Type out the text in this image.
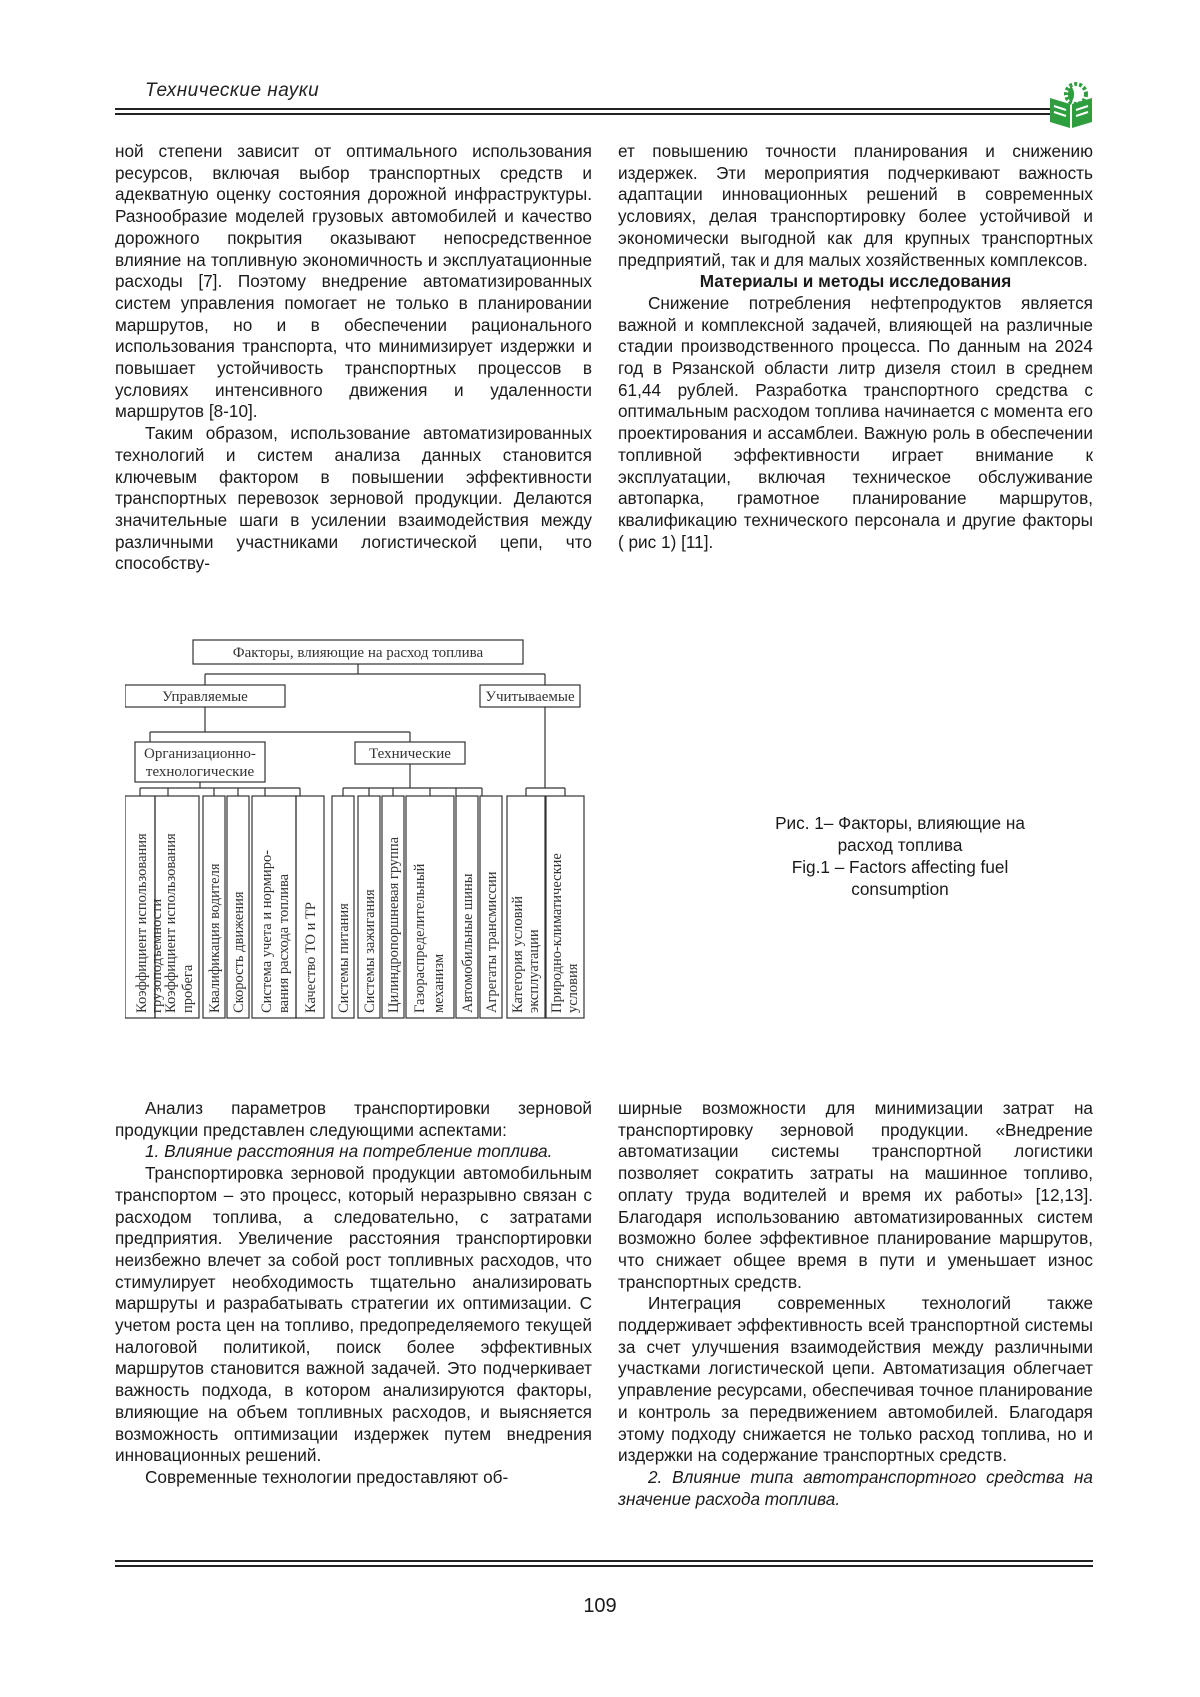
Технические науки

ной степени зависит от оптимального использования ресурсов, включая выбор транспортных средств и адекватную оценку состояния дорожной инфраструктуры. Разнообразие моделей грузовых автомобилей и качество дорожного покрытия оказывают непосредственное влияние на топливную экономичность и эксплуатационные расходы [7]. Поэтому внедрение автоматизированных систем управления помогает не только в планировании маршрутов, но и в обеспечении рационального использования транспорта, что минимизирует издержки и повышает устойчивость транспортных процессов в условиях интенсивного движения и удаленности маршрутов [8-10].

Таким образом, использование автоматизированных технологий и систем анализа данных становится ключевым фактором в повышении эффективности транспортных перевозок зерновой продукции. Делаются значительные шаги в усилении взаимодействия между различными участниками логистической цепи, что способству-

ет повышению точности планирования и снижению издержек. Эти мероприятия подчеркивают важность адаптации инновационных решений в современных условиях, делая транспортировку более устойчивой и экономически выгодной как для крупных транспортных предприятий, так и для малых хозяйственных комплексов.

Материалы и методы исследования

Снижение потребления нефтепродуктов является важной и комплексной задачей, влияющей на различные стадии производственного процесса. По данным на 2024 год в Рязанской области литр дизеля стоил в среднем 61,44 рублей. Разработка транспортного средства с оптимальным расходом топлива начинается с момента его проектирования и ассамблеи. Важную роль в обеспечении топливной эффективности играет внимание к эксплуатации, включая техническое обслуживание автопарка, грамотное планирование маршрутов, квалификацию технического персонала и другие факторы ( рис 1) [11].

Факторы, влияющие на расход топлива
Управляемые	Учитываемые
Организационно-
технологические
Технические
Коэффициент использования грузоподъемности
Коэффициент использования пробега Квалификация водителя Скорость движения Система учета и нормиро- вания расхода топлива Качество ТО и ТР Системы питания Системы зажигания Цилиндропоршневая группа Газораспределительный механизм Автомобильные шины Агрегаты трансмиссии Категория условий эксплуатации Природно-климатические условия
Рис. 1– Факторы, влияющие на
расход топлива
Fig.1 – Factors affecting fuel
consumption

Анализ параметров транспортировки зерновой продукции представлен следующими аспектами:

1. Влияние расстояния на потребление топлива.

Транспортировка зерновой продукции автомобильным транспортом – это процесс, который неразрывно связан с расходом топлива, а следовательно, с затратами предприятия. Увеличение расстояния транспортировки неизбежно влечет за собой рост топливных расходов, что стимулирует необходимость тщательно анализировать маршруты и разрабатывать стратегии их оптимизации. С учетом роста цен на топливо, предопределяемого текущей налоговой политикой, поиск более эффективных маршрутов становится важной задачей. Это подчеркивает важность подхода, в котором анализируются факторы, влияющие на объем топливных расходов, и выясняется возможность оптимизации издержек путем внедрения инновационных решений.

Современные технологии предоставляют об-

ширные возможности для минимизации затрат на транспортировку зерновой продукции. «Внедрение автоматизации системы транспортной логистики позволяет сократить затраты на машинное топливо, оплату труда водителей и время их работы» [12,13]. Благодаря использованию автоматизированных систем возможно более эффективное планирование маршрутов, что снижает общее время в пути и уменьшает износ транспортных средств.

Интеграция современных технологий также поддерживает эффективность всей транспортной системы за счет улучшения взаимодействия между различными участками логистической цепи. Автоматизация облегчает управление ресурсами, обеспечивая точное планирование и контроль за передвижением автомобилей. Благодаря этому подходу снижается не только расход топлива, но и издержки на содержание транспортных средств.

2. Влияние типа автотранспортного средства на значение расхода топлива.

109
